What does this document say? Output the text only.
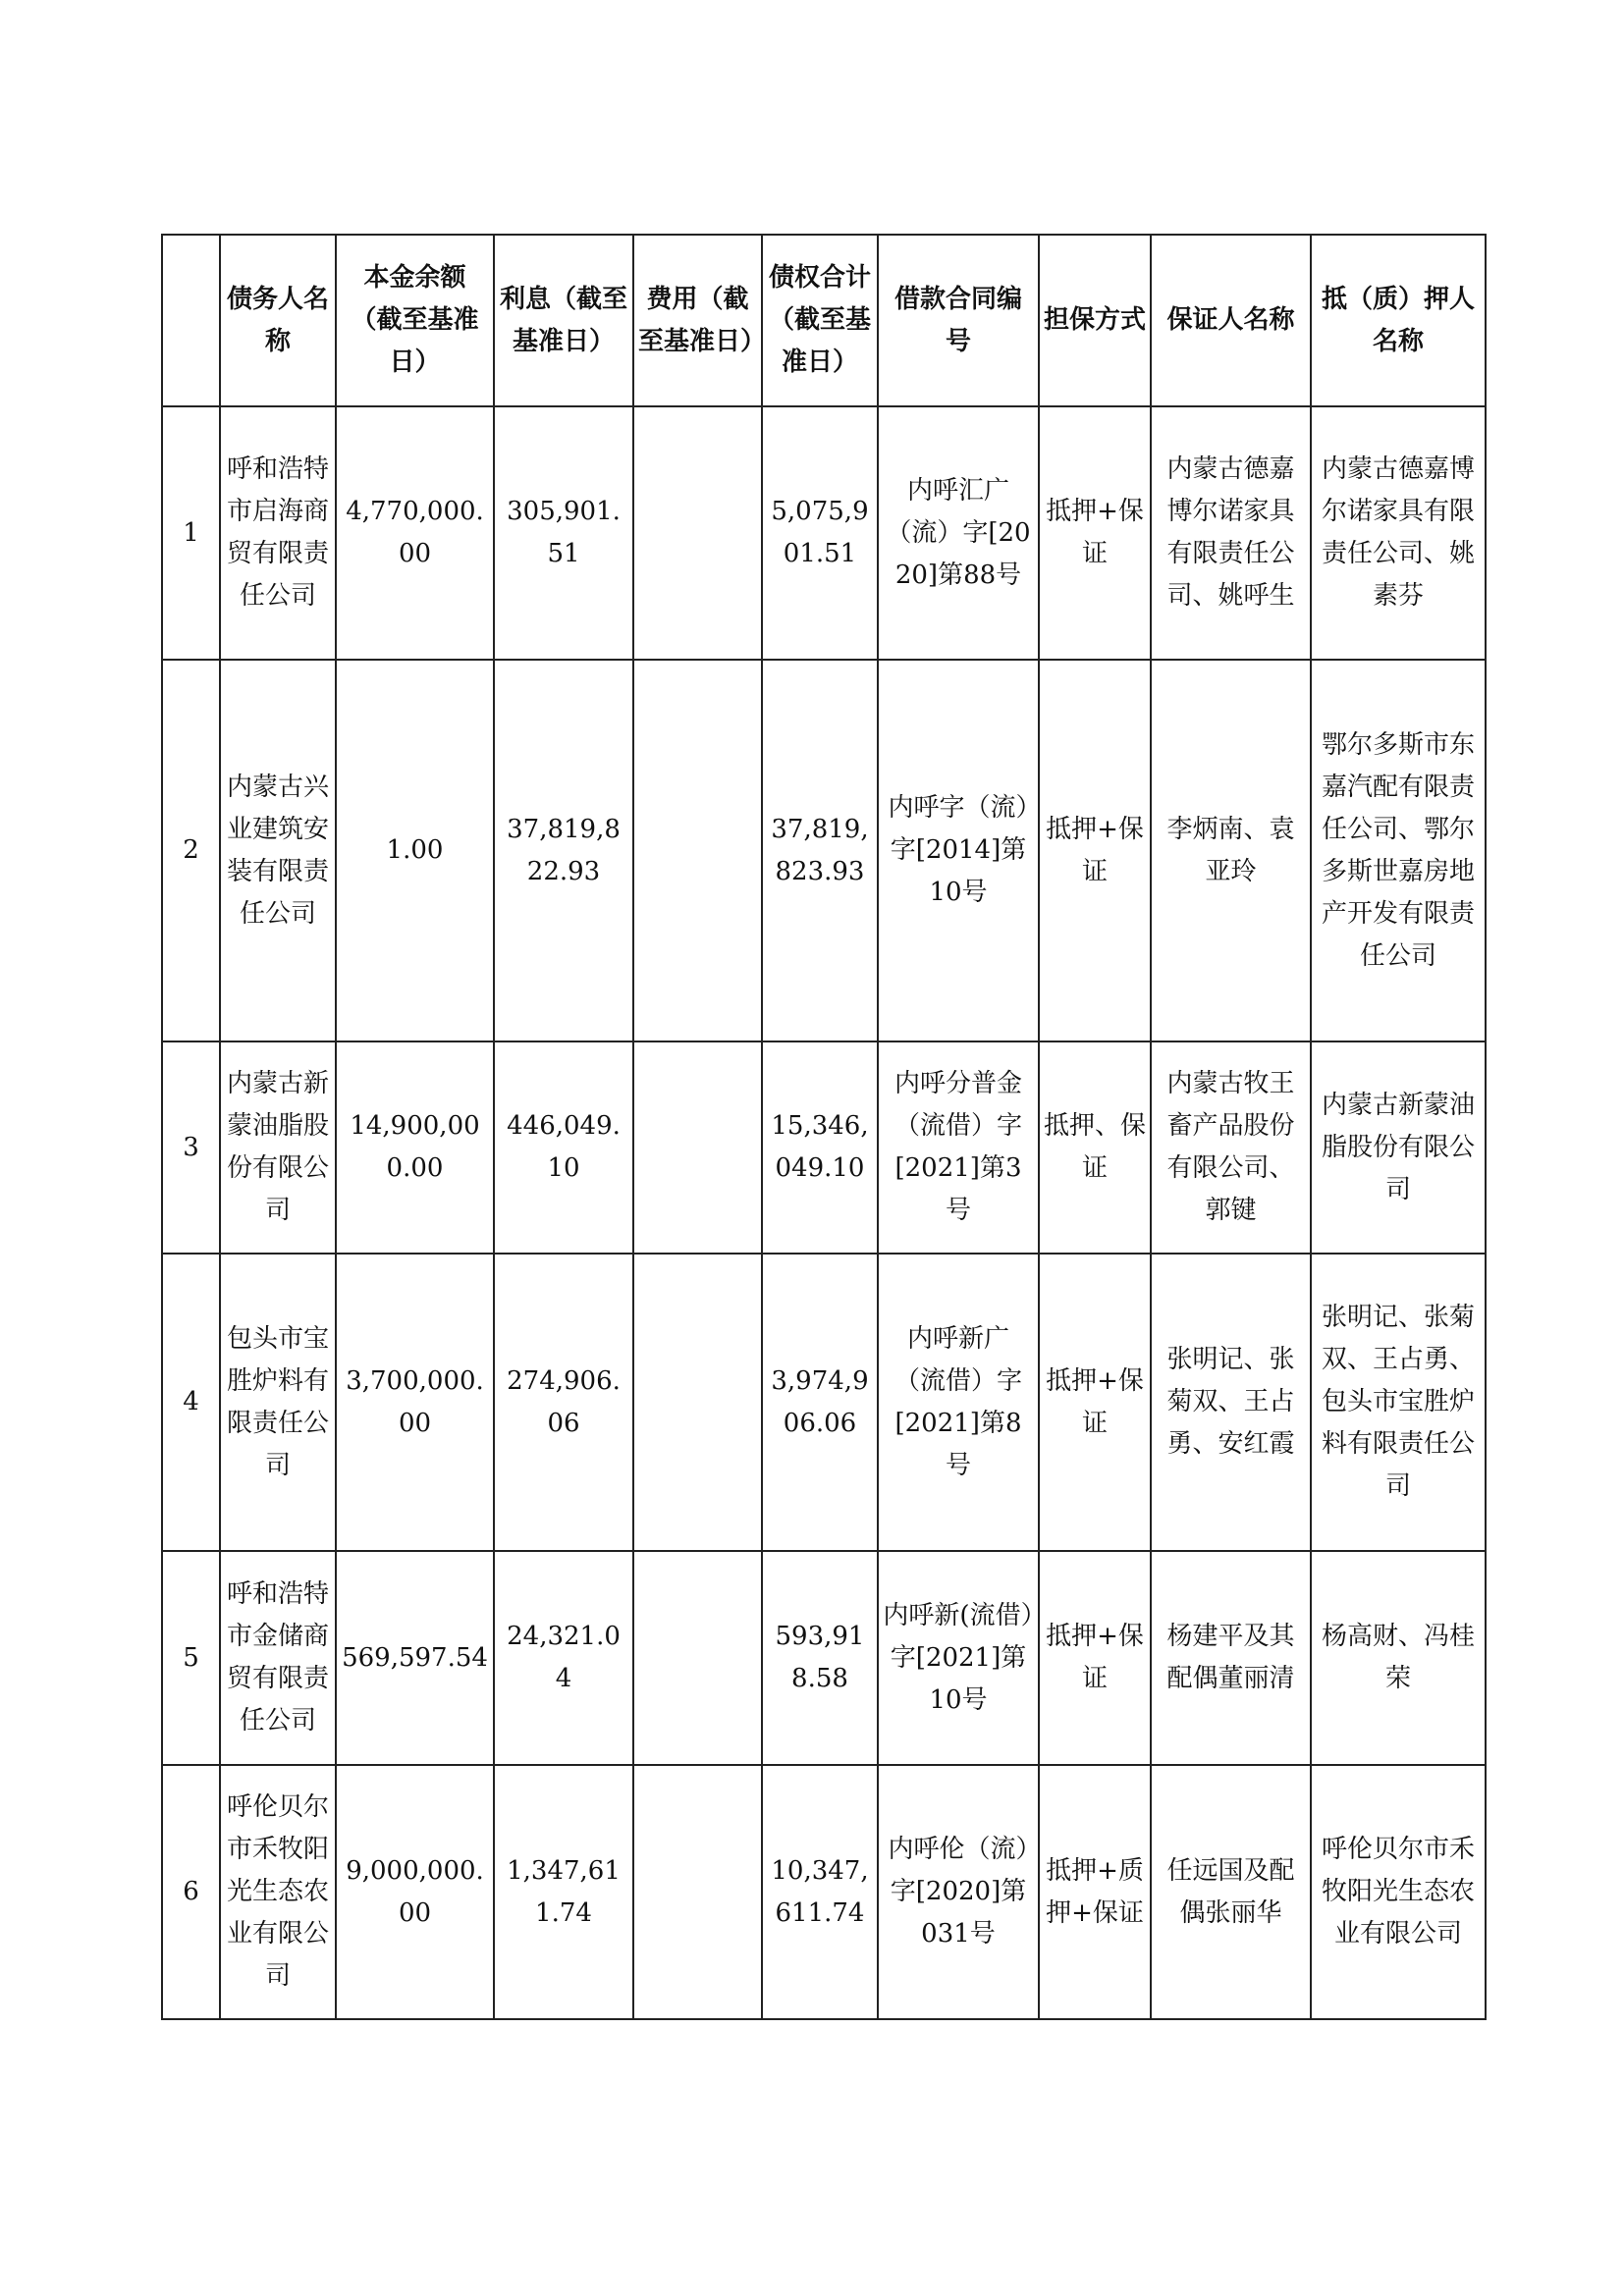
	债务人名称	本金余额（截至基准日）	利息（截至基准日）	费用（截至基准日）	债权合计（截至基准日）	借款合同编号	担保方式	保证人名称	抵（质）押人名称
1	呼和浩特市启海商贸有限责任公司	4,770,000.00	305,901.51		5,075,901.51	内呼汇广（流）字[2020]第88号	抵押+保证	内蒙古德嘉博尔诺家具有限责任公司、姚呼生	内蒙古德嘉博尔诺家具有限责任公司、姚素芬
2	内蒙古兴业建筑安装有限责任公司	1.00	37,819,822.93		37,819,823.93	内呼字（流）字[2014]第10号	抵押+保证	李炳南、袁亚玲	鄂尔多斯市东嘉汽配有限责任公司、鄂尔多斯世嘉房地产开发有限责任公司
3	内蒙古新蒙油脂股份有限公司	14,900,000.00	446,049.10		15,346,049.10	内呼分普金（流借）字[2021]第3号	抵押、保证	内蒙古牧王畜产品股份有限公司、郭键	内蒙古新蒙油脂股份有限公司
4	包头市宝胜炉料有限责任公司	3,700,000.00	274,906.06		3,974,906.06	内呼新广（流借）字[2021]第8号	抵押+保证	张明记、张菊双、王占勇、安红霞	张明记、张菊双、王占勇、包头市宝胜炉料有限责任公司
5	呼和浩特市金储商贸有限责任公司	569,597.54	24,321.04		593,918.58	内呼新(流借）字[2021]第10号	抵押+保证	杨建平及其配偶董丽清	杨高财、冯桂荣
6	呼伦贝尔市禾牧阳光生态农业有限公司	9,000,000.00	1,347,611.74		10,347,611.74	内呼伦（流）字[2020]第031号	抵押+质押+保证	任远国及配偶张丽华	呼伦贝尔市禾牧阳光生态农业有限公司
